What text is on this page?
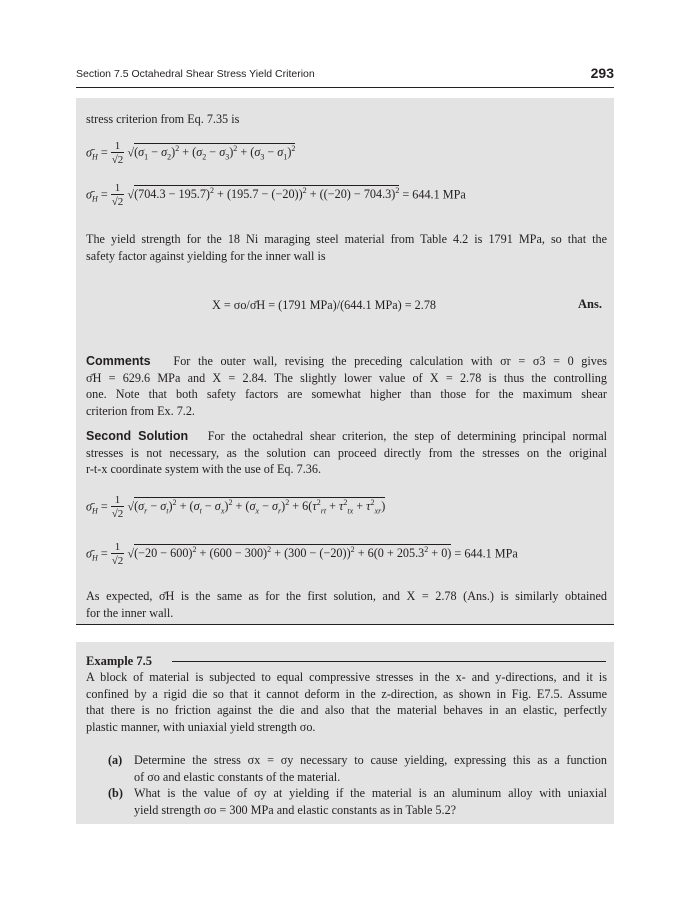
Section 7.5 Octahedral Shear Stress Yield Criterion	293
stress criterion from Eq. 7.35 is
$\sigmā_H = \frac{1}{√2} √(\sigma_1 - \sigma_2)^2 + (\sigma_2 - \sigma_3)^2 + (\sigma_3 - \sigma_1)^2$
$\sigmā_H = \frac{1}{√2} √(704.3 - 195.7)^2 + (195.7 - (-20))^2 + ((-20) - 704.3)^2 = 644.1$ MPa
The yield strength for the 18 Ni maraging steel material from Table 4.2 is 1791 MPa, so that the
safety factor against yielding for the inner wall is
X = σo/σ̄H = (1791 MPa)/(644.1 MPa) = 2.78	Ans.
Comments For the outer wall, revising the preceding calculation with σr = σ3 = 0 gives
σ̄H = 629.6 MPa and X = 2.84. The slightly lower value of X = 2.78 is thus the controlling
one. Note that both safety factors are somewhat higher than those for the maximum shear
criterion from Ex. 7.2.
Second Solution For the octahedral shear criterion, the step of determining principal normal
stresses is not necessary, as the solution can proceed directly from the stresses on the original
r-t-x coordinate system with the use of Eq. 7.36.
$\sigmā_H = \frac{1}{√2} √(\sigma_r - \sigma_t)^2 + (\sigma_t - \sigma_x)^2 + (\sigma_x - \sigma_r)^2 + 6(\tau^2_{rt} + \tau^2_{tx} + \tau^2_{xr})$
$\sigmā_H = \frac{1}{√2} √(-20 - 600)^2 + (600 - 300)^2 + (300 - (-20))^2 + 6(0 + 205.3^2 + 0) = 644.1$ MPa
As expected, σ̄H is the same as for the first solution, and X = 2.78 (Ans.) is similarly obtained
for the inner wall.
Example 7.5
A block of material is subjected to equal compressive stresses in the x- and y-directions, and it is
confined by a rigid die so that it cannot deform in the z-direction, as shown in Fig. E7.5. Assume
that there is no friction against the die and also that the material behaves in an elastic, perfectly
plastic manner, with uniaxial yield strength σo.
(a) Determine the stress σx = σy necessary to cause yielding, expressing this as a function
of σo and elastic constants of the material.
(b) What is the value of σy at yielding if the material is an aluminum alloy with uniaxial
yield strength σo = 300 MPa and elastic constants as in Table 5.2?
